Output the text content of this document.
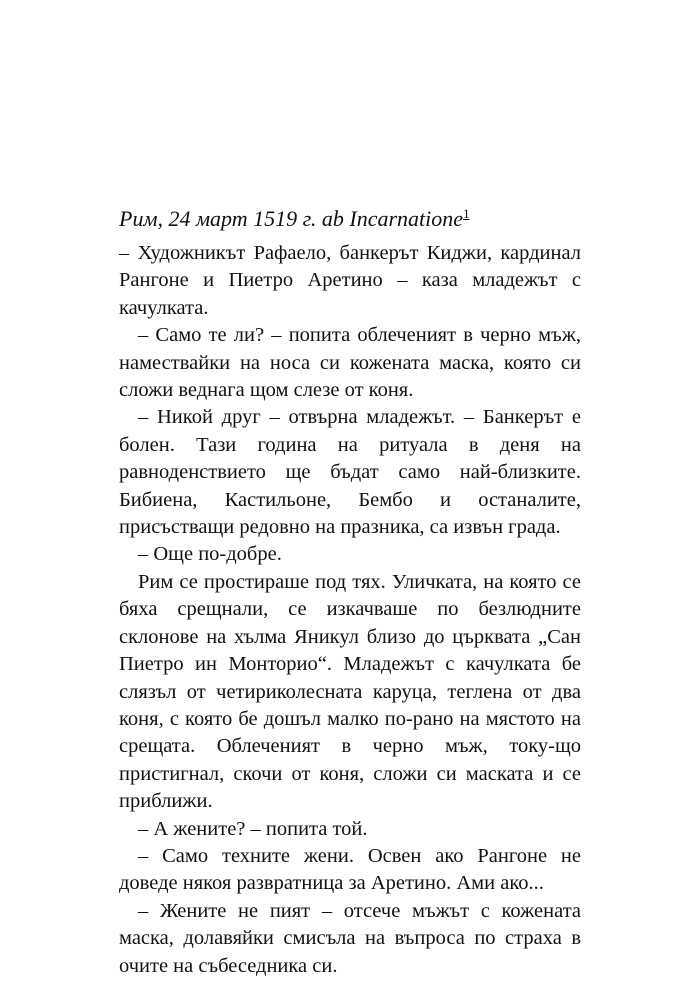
Рим, 24 март 1519 г. ab Incarnatione$^1$

– Художникът Рафаело, банкерът Киджи, кардинал Рангоне и Пиетро Аретино – каза младежът с качулката.

– Само те ли? – попита облеченият в черно мъж, намествайки на носа си кожената маска, която си сложи веднага щом слезе от коня.

– Никой друг – отвърна младежът. – Банкерът е болен. Тази година на ритуала в деня на равноденствието ще бъдат само най-близките. Бибиена, Кастильоне, Бембо и останалите, присъстващи редовно на празника, са извън града.

– Още по-добре.

Рим се простираше под тях. Уличката, на която се бяха срещнали, се изкачваше по безлюдните склонове на хълма Яникул близо до църквата „Сан Пиетро ин Монторио“. Младежът с качулката бе слязъл от четириколесната каруца, теглена от два коня, с която бе дошъл малко по-рано на мястото на срещата. Облеченият в черно мъж, току-що пристигнал, скочи от коня, сложи си маската и се приближи.

– А жените? – попита той.

– Само техните жени. Освен ако Рангоне не доведе някоя развратница за Аретино. Ами ако...

– Жените не пият – отсече мъжът с кожената маска, долавяйки смисъла на въпроса по страха в очите на събеседника си.
